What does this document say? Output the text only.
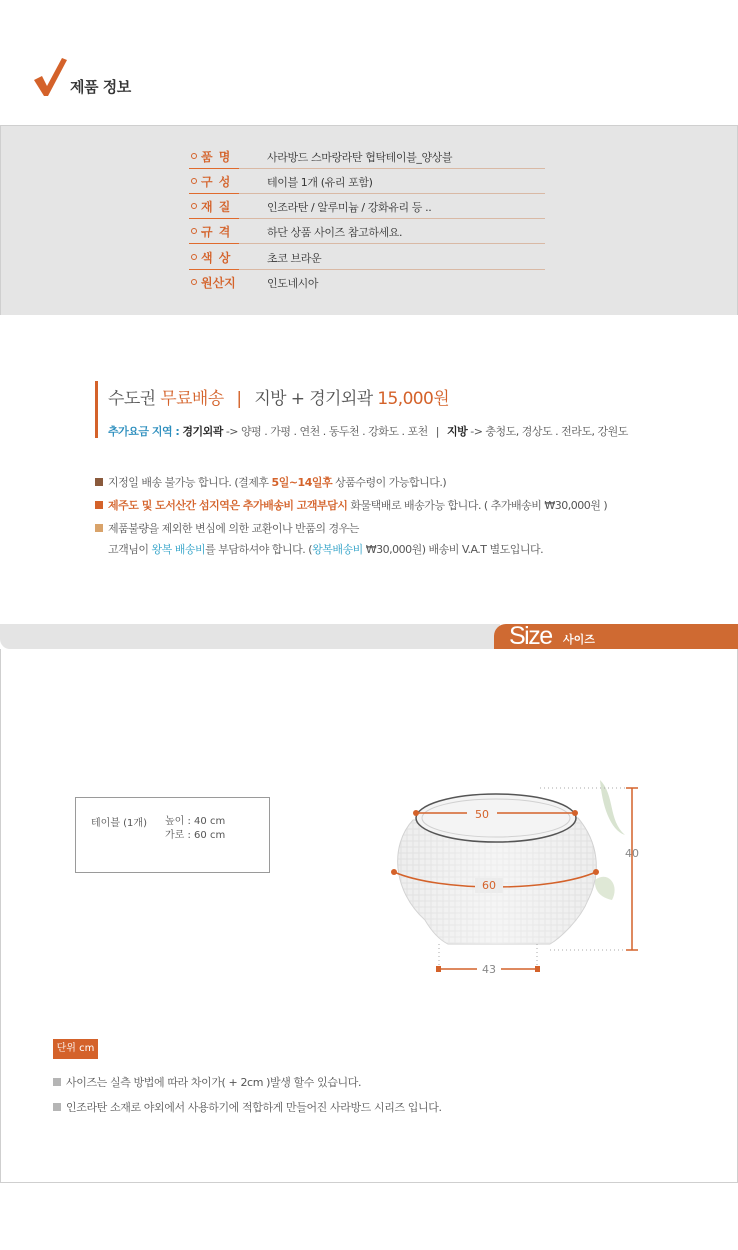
제품 정보
품 명	사라방드 스마랑라탄 협탁테이블_양상블
구 성	테이블 1개 (유리 포함)
재 질	인조라탄 / 알루미늄 / 강화유리 등 ..
규 격	하단 상품 사이즈 참고하세요.
색 상	초코 브라운
원산지	인도네시아
수도권 무료배송 | 지방 + 경기외곽 15,000원
추가요금 지역 : 경기외곽 -> 양평 . 가평 . 연천 . 동두천 . 강화도 . 포천 | 지방 -> 충청도, 경상도 . 전라도, 강원도
지정일 배송 불가능 합니다. (결제후 5일~14일후 상품수령이 가능합니다.)
제주도 및 도서산간 섬지역은 추가배송비 고객부담시 화물택배로 배송가능 합니다. ( 추가배송비 ₩30,000원 )
제품불량을 제외한 변심에 의한 교환이나 반품의 경우는
고객님이 왕복 배송비를 부담하셔야 합니다. (왕복배송비 ₩30,000원) 배송비 V.A.T 별도입니다.
Size 사이즈
테이블 (1개) 높이 : 40 cm
가로 : 60 cm
50
60
40
43
단위 cm
사이즈는 실측 방법에 따라 차이가( + 2cm )발생 할수 있습니다.
인조라탄 소재로 야외에서 사용하기에 적합하게 만들어진 사라방드 시리즈 입니다.
